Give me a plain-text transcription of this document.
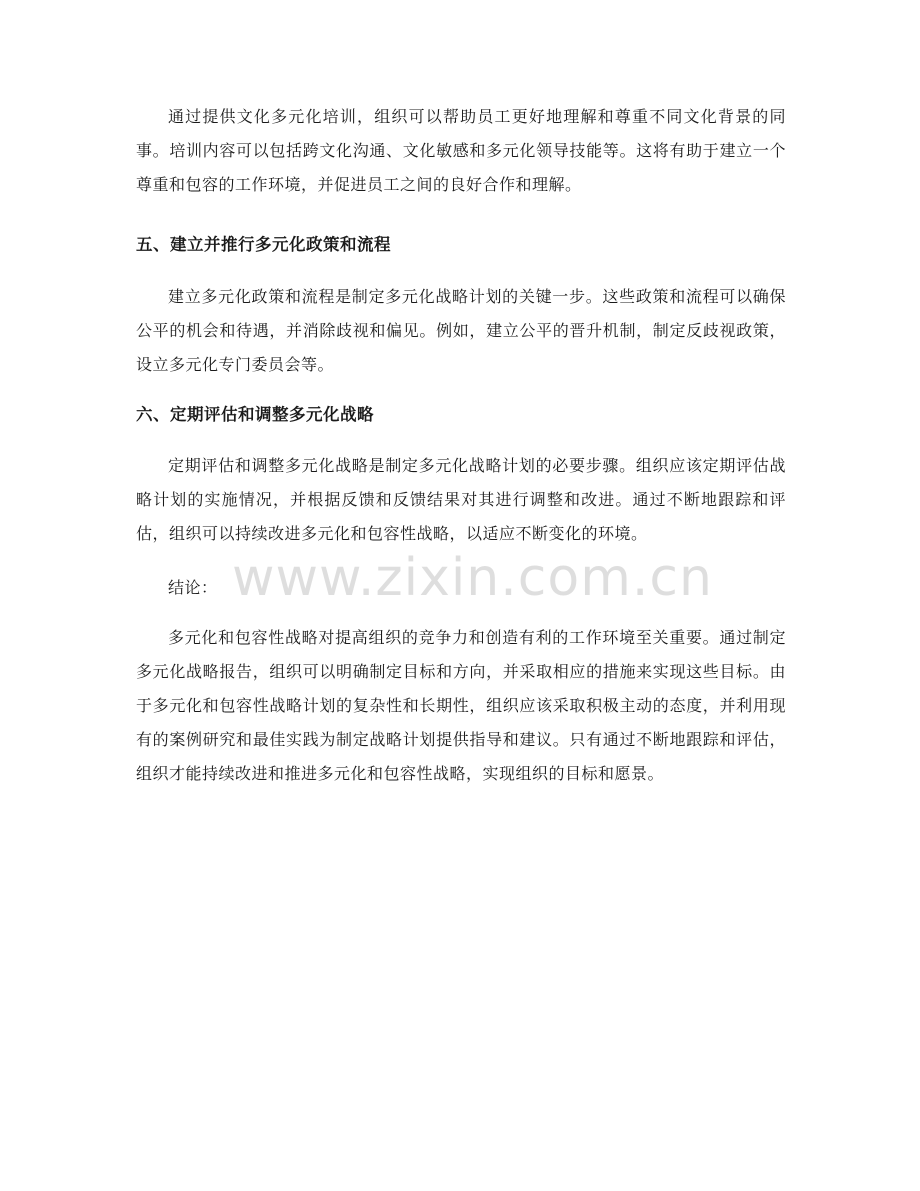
通过提供文化多元化培训，组织可以帮助员工更好地理解和尊重不同文化背景的同事。培训内容可以包括跨文化沟通、文化敏感和多元化领导技能等。这将有助于建立一个尊重和包容的工作环境，并促进员工之间的良好合作和理解。

五、建立并推行多元化政策和流程

建立多元化政策和流程是制定多元化战略计划的关键一步。这些政策和流程可以确保公平的机会和待遇，并消除歧视和偏见。例如，建立公平的晋升机制，制定反歧视政策，设立多元化专门委员会等。

六、定期评估和调整多元化战略

定期评估和调整多元化战略是制定多元化战略计划的必要步骤。组织应该定期评估战略计划的实施情况，并根据反馈和反馈结果对其进行调整和改进。通过不断地跟踪和评估，组织可以持续改进多元化和包容性战略，以适应不断变化的环境。

结论：

多元化和包容性战略对提高组织的竞争力和创造有利的工作环境至关重要。通过制定多元化战略报告，组织可以明确制定目标和方向，并采取相应的措施来实现这些目标。由于多元化和包容性战略计划的复杂性和长期性，组织应该采取积极主动的态度，并利用现有的案例研究和最佳实践为制定战略计划提供指导和建议。只有通过不断地跟踪和评估，组织才能持续改进和推进多元化和包容性战略，实现组织的目标和愿景。

www.zixin.com.cn
